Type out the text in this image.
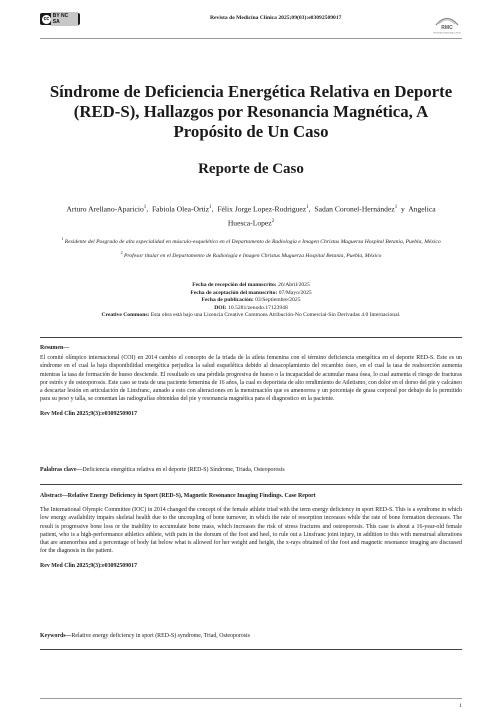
cc BY NC SA
Revista de Medicina Clínica 2025;09(03):e03092509017
RMC
REVISTA DE MEDICINA CLÍNICA
Síndrome de Deficiencia Energética Relativa en Deporte (RED-S), Hallazgos por Resonancia Magnética, A Propósito de Un Caso
Reporte de Caso
Arturo Arellano-Aparicio$^1$,  Fabiola Olea-Ortiz$^1$,  Félix Jorge Lopez-Rodriguez$^1$,  Sadan Coronel-Hernández$^1$ y Angelica Huesca-Lopez$^2$
$^1$ Residente del Posgrado de alta especialidad en músculo-esquelético en el Departamento de Radiología e Imagen Christus Muguerza Hospital Betania, Puebla, México
$^2$ Profesor titular en el Departamento de Radiología e Imagen Christus Muguerza Hospital Betania, Puebla, México
Fecha de recepción del manuscrito: 26/Abril/2025
Fecha de aceptación del manuscrito: 07/Mayo/2025
Fecha de publicación: 03/Septiembre/2025
DOI: 10.5281/zenodo.17123948
Creative Commons: Esta obra está bajo una Licencia Creative Commons Atribución-No Comercial-Sin Derivadas 4.0 Internacional.
Resumen—
El comité olímpico internacional (COI) en 2014 cambio el concepto de la triada de la atleta femenina con el término deficiencia energética en el deporte RED-S. Este es un síndrome en el cual la baja disponibilidad energética perjudica la salud esquelética debido al desacoplamiento del recambio óseo, en el cual la tasa de reabsorción aumenta mientras la tasa de formación de hueso desciende. El resultado es una pérdida progresiva de hueso o la incapacidad de acumular masa ósea, lo cual aumenta el riesgo de fracturas por estrés y de osteoporosis. Este caso se trata de una paciente femenina de 16 años, la cual es deportista de alto rendimiento de Atletismo, con dolor en el dorso del pie y calcáneo a descartar lesión en articulación de Linsfranc, aunado a esto con alteraciones en la menstruación que es amenorrea y un porcentaje de grasa corporal por debajo de lo permitido para su peso y talla, se comentan las radiografías obtenidas del pie y resonancia magnética para el diagnostico en la paciente.
Rev Med Clin 2025;9(3):e03092509017
Palabras clave—Deficiencia energética relativa en el deporte (RED-S) Síndrome, Triada, Osteoporosis
Abstract—Relative Energy Deficiency in Sport (RED-S), Magnetic Resonance Imaging Findings. Case Report
The International Olympic Committee (IOC) in 2014 changed the concept of the female athlete triad with the term energy deficiency in sport RED-S. This is a syndrome in which low energy availability impairs skeletal health due to the uncoupling of bone turnover, in which the rate of resorption increases while the rate of bone formation decreases. The result is progressive bone loss or the inability to accumulate bone mass, which increases the risk of stress fractures and osteoporosis. This case is about a 16-year-old female patient, who is a high-performance athletics athlete, with pain in the dorsum of the foot and heel, to rule out a Linsfranc joint injury, in addition to this with menstrual alterations that are amenorrhea and a percentage of body fat below what is allowed for her weight and height, the x-rays obtained of the foot and magnetic resonance imaging are discussed for the diagnosis in the patient.
Rev Med Clin 2025;9(3):e03092509017
Keywords—Relative energy deficiency in sport (RED-S) syndrome, Triad, Osteoporosis
1
